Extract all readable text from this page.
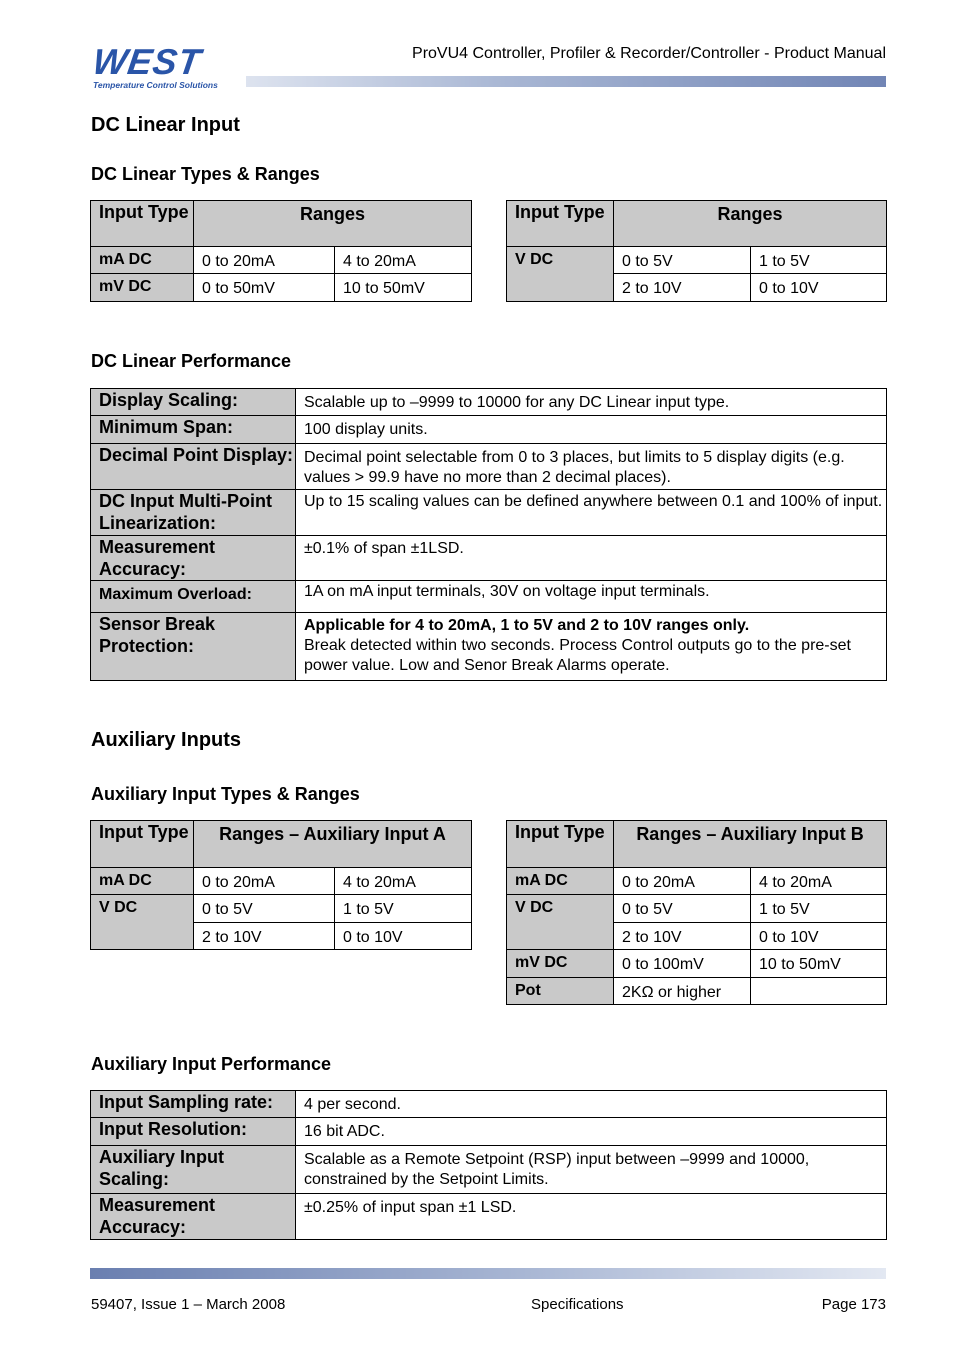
WEST
Temperature Control Solutions
ProVU4 Controller, Profiler & Recorder/Controller - Product Manual
DC Linear Input
DC Linear Types & Ranges
Input Type	Ranges	
mA DC	0 to 20mA	4 to 20mA
mV DC	0 to 50mV	10 to 50mV
Input Type	Ranges	
V DC	0 to 5V	1 to 5V
	2 to 10V	0 to 10V
DC Linear Performance
Display Scaling:	Scalable up to –9999 to 10000 for any DC Linear input type.
Minimum Span:	100 display units.
Decimal Point Display:	Decimal point selectable from 0 to 3 places, but limits to 5 display digits (e.g. values > 99.9 have no more than 2 decimal places).
DC Input Multi-Point Linearization:	Up to 15 scaling values can be defined anywhere between 0.1 and 100% of input.
Measurement Accuracy:	±0.1% of span ±1LSD.
Maximum Overload:	1A on mA input terminals, 30V on voltage input terminals.
Sensor Break Protection:	Applicable for 4 to 20mA, 1 to 5V and 2 to 10V ranges only.
Break detected within two seconds. Process Control outputs go to the pre-set power value. Low and Senor Break Alarms operate.
Auxiliary Inputs
Auxiliary Input Types & Ranges
Input Type	Ranges – Auxiliary Input A	
mA DC	0 to 20mA	4 to 20mA
V DC	0 to 5V	1 to 5V
	2 to 10V	0 to 10V
Input Type	Ranges – Auxiliary Input B	
mA DC	0 to 20mA	4 to 20mA
V DC	0 to 5V	1 to 5V
	2 to 10V	0 to 10V
mV DC	0 to 100mV	10 to 50mV
Pot	2KΩ or higher	
Auxiliary Input Performance
Input Sampling rate:	4 per second.
Input Resolution:	16 bit ADC.
Auxiliary Input Scaling:	Scalable as a Remote Setpoint (RSP) input between –9999 and 10000, constrained by the Setpoint Limits.
Measurement Accuracy:	±0.25% of input span ±1 LSD.
59407, Issue 1 – March 2008	Specifications	Page 173
